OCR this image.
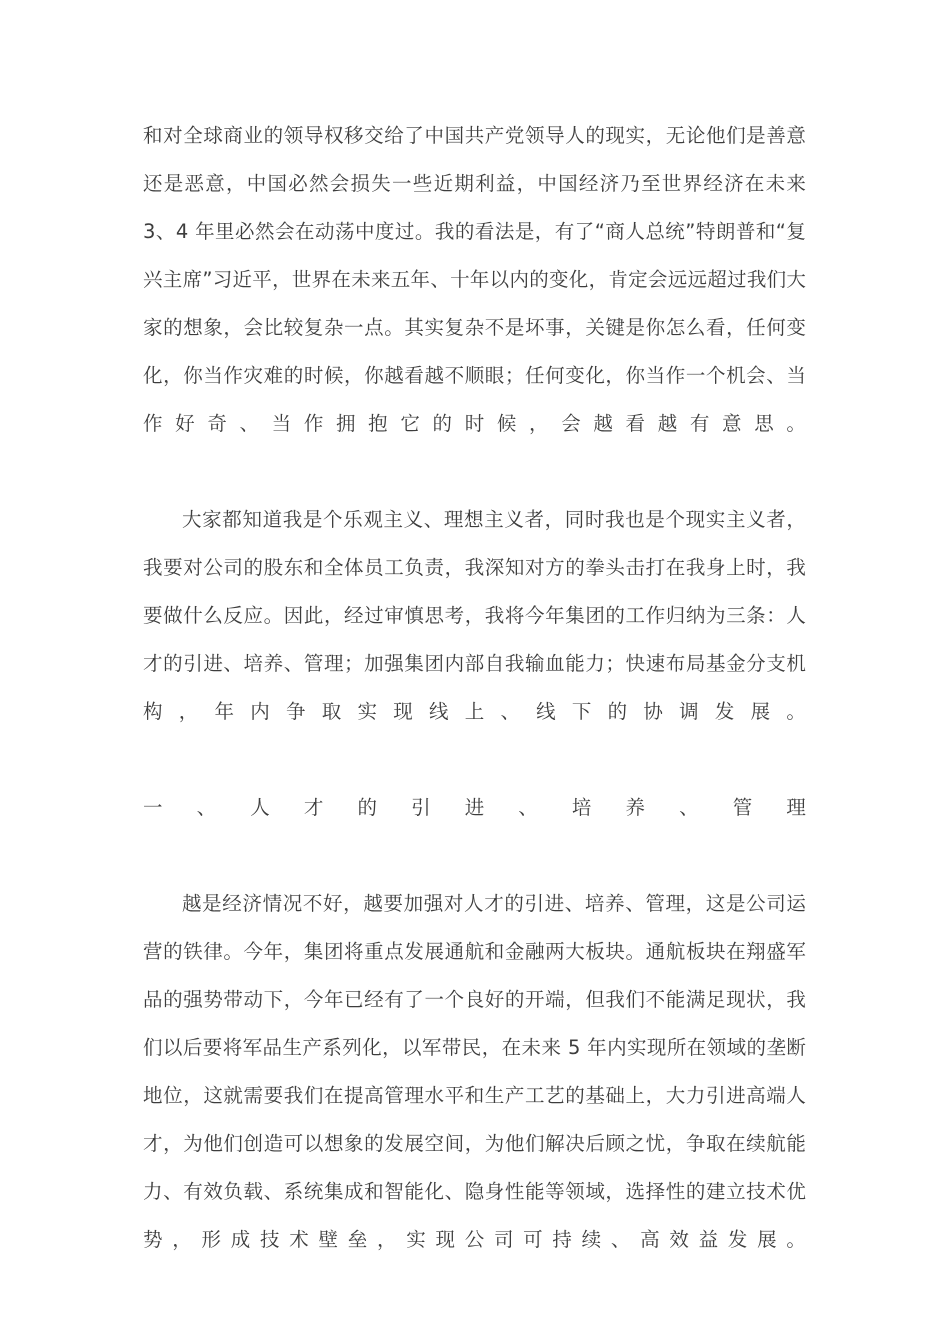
和对全球商业的领导权移交给了中国共产党领导人的现实，无论他们是善意还是恶意，中国必然会损失一些近期利益，中国经济乃至世界经济在未来 3、4 年里必然会在动荡中度过。我的看法是，有了“商人总统”特朗普和“复兴主席”习近平，世界在未来五年、十年以内的变化，肯定会远远超过我们大家的想象，会比较复杂一点。其实复杂不是坏事，关键是你怎么看，任何变化，你当作灾难的时候，你越看越不顺眼；任何变化，你当作一个机会、当作好奇、当作拥抱它的时候，会越看越有意思。

大家都知道我是个乐观主义、理想主义者，同时我也是个现实主义者，我要对公司的股东和全体员工负责，我深知对方的拳头击打在我身上时，我要做什么反应。因此，经过审慎思考，我将今年集团的工作归纳为三条：人才的引进、培养、管理；加强集团内部自我输血能力；快速布局基金分支机构，年内争取实现线上、线下的协调发展。

一、人才的引进、培养、管理

越是经济情况不好，越要加强对人才的引进、培养、管理，这是公司运营的铁律。今年，集团将重点发展通航和金融两大板块。通航板块在翔盛军品的强势带动下，今年已经有了一个良好的开端，但我们不能满足现状，我们以后要将军品生产系列化，以军带民，在未来 5 年内实现所在领域的垄断地位，这就需要我们在提高管理水平和生产工艺的基础上，大力引进高端人才，为他们创造可以想象的发展空间，为他们解决后顾之忧，争取在续航能力、有效负载、系统集成和智能化、隐身性能等领域，选择性的建立技术优势，形成技术壁垒，实现公司可持续、高效益发展。
